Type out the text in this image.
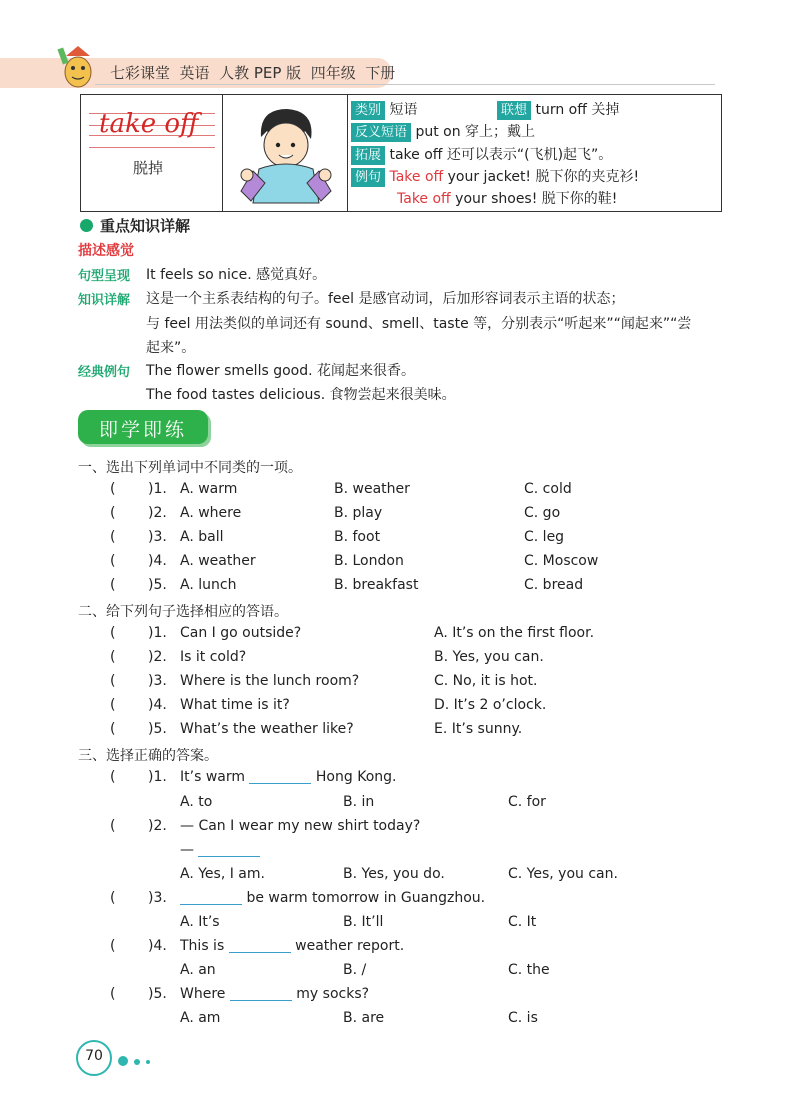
七彩课堂  英语  人教 PEP 版  四年级  下册
take off
脱掉
类别 短语	联想 turn off 关掉
反义短语 put on 穿上；戴上
拓展 take off 还可以表示“(飞机)起飞”。
例句 Take off your jacket! 脱下你的夹克衫!
Take off your shoes! 脱下你的鞋!
重点知识详解
描述感觉
句型呈现 It feels so nice. 感觉真好。
知识详解 这是一个主系表结构的句子。feel 是感官动词，后加形容词表示主语的状态；
与 feel 用法类似的单词还有 sound、smell、taste 等，分别表示“听起来”“闻起来”“尝
起来”。
经典例句 The flower smells good. 花闻起来很香。
The food tastes delicious. 食物尝起来很美味。
即学即练
一、选出下列单词中不同类的一项。
( )1. A. warm	B. weather	C. cold
( )2. A. where	B. play	C. go
( )3. A. ball	B. foot	C. leg
( )4. A. weather	B. London	C. Moscow
( )5. A. lunch	B. breakfast	C. bread
二、给下列句子选择相应的答语。
( )1. Can I go outside?	A. It’s on the first floor.
( )2. Is it cold?	B. Yes, you can.
( )3. Where is the lunch room?	C. No, it is hot.
( )4. What time is it?	D. It’s 2 o’clock.
( )5. What’s the weather like?	E. It’s sunny.
三、选择正确的答案。
( )1. It’s warm	Hong Kong.
A. to	B. in	C. for
( )2. — Can I wear my new shirt today?
—
A. Yes, I am.	B. Yes, you do.	C. Yes, you can.
( )3.	be warm tomorrow in Guangzhou.
A. It’s	B. It’ll	C. It
( )4. This is	weather report.
A. an	B. /	C. the
( )5. Where	my socks?
A. am	B. are	C. is
70
